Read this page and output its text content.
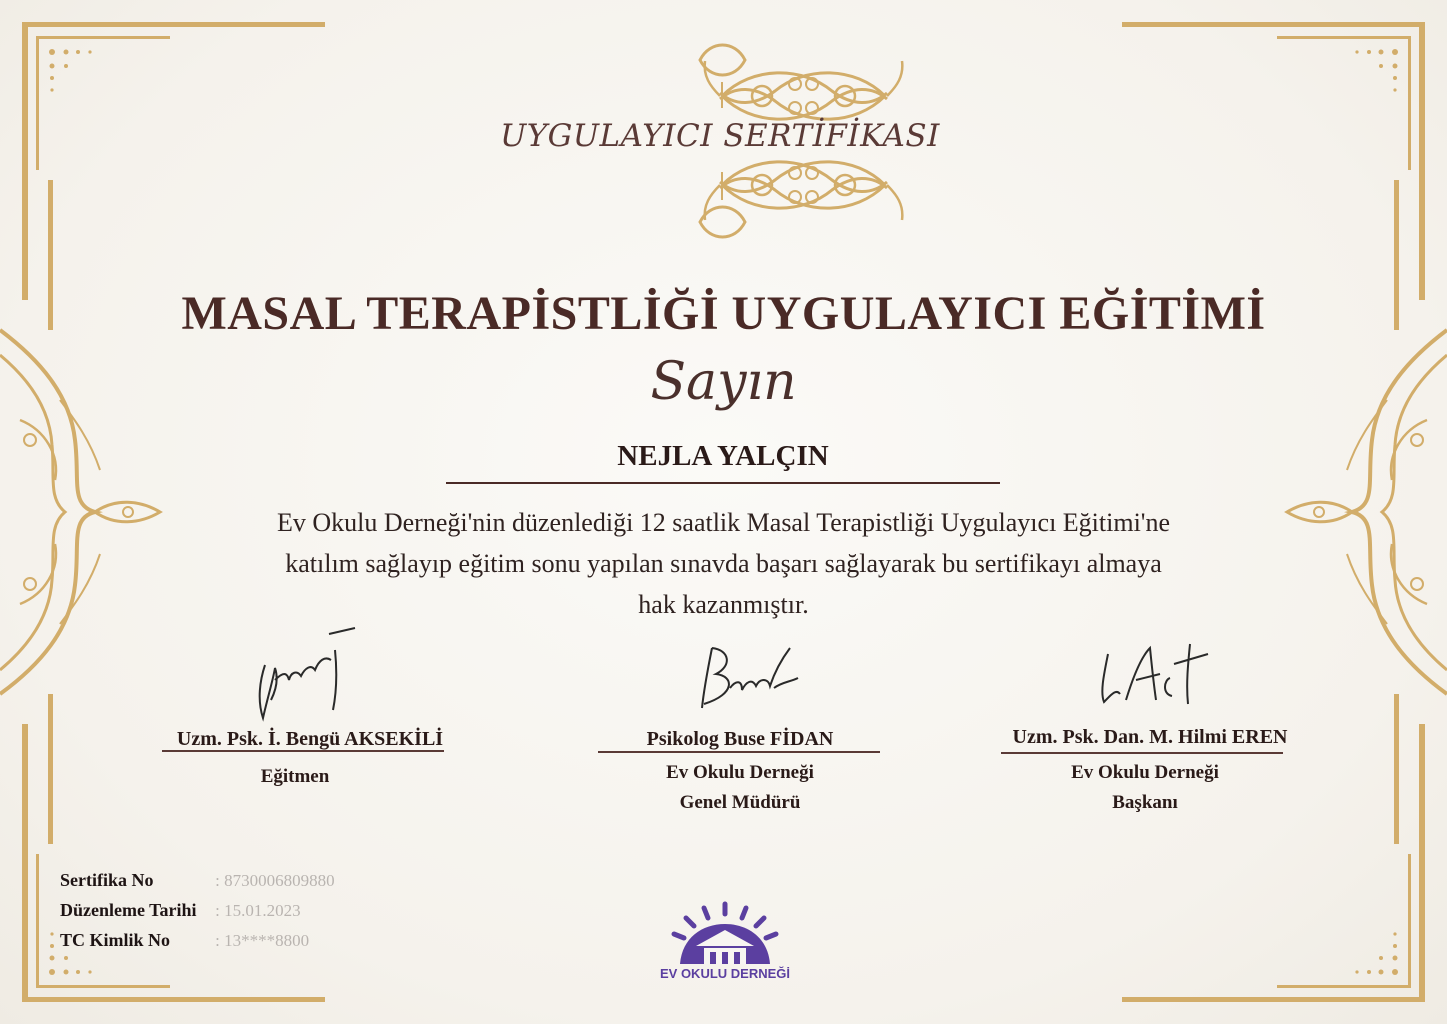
UYGULAYICI SERTİFİKASI
MASAL TERAPİSTLİĞİ UYGULAYICI EĞİTİMİ
Sayın
NEJLA YALÇIN
Ev Okulu Derneği'nin düzenlediği 12 saatlik Masal Terapistliği Uygulayıcı Eğitimi'ne
katılım sağlayıp eğitim sonu yapılan sınavda başarı sağlayarak bu sertifikayı almaya
hak kazanmıştır.
Uzm. Psk. İ. Bengü AKSEKİLİ
Eğitmen
Psikolog Buse FİDAN
Ev Okulu Derneği
Genel Müdürü
Uzm. Psk. Dan. M. Hilmi EREN
Ev Okulu Derneği
Başkanı
Sertifika No	: 8730006809880
Düzenleme Tarihi : 15.01.2023
TC Kimlik No	: 13****8800
EV OKULU DERNEĞİ
